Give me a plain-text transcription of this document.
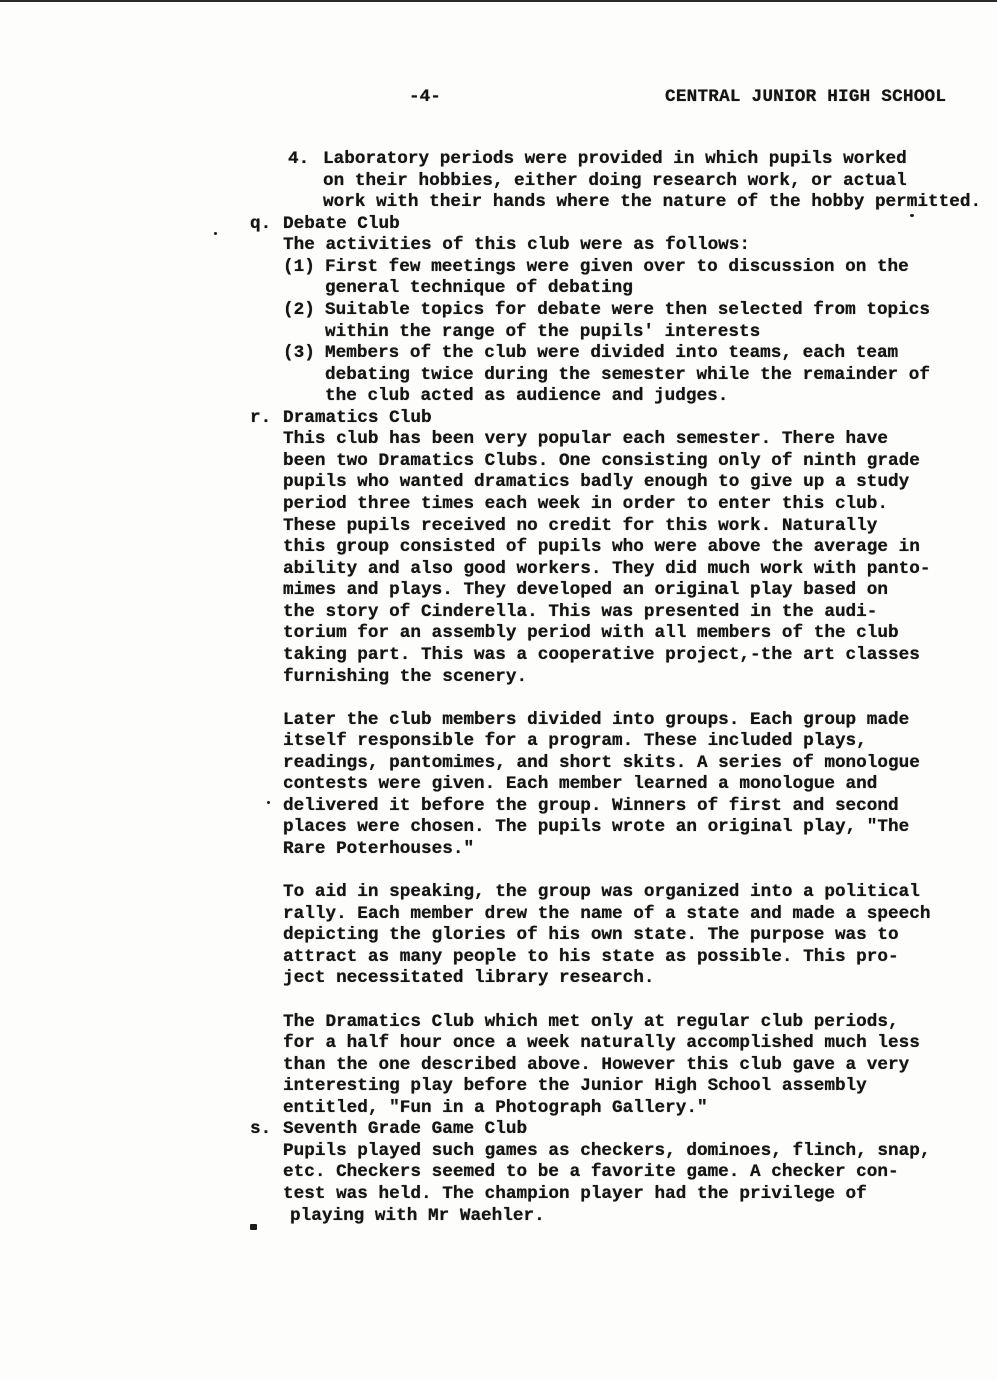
-4-	CENTRAL JUNIOR HIGH SCHOOL
4. Laboratory periods were provided in which pupils worked
on their hobbies, either doing research work, or actual
work with their hands where the nature of the hobby permitted.
q. Debate Club
The activities of this club were as follows:
(1) First few meetings were given over to discussion on the
general technique of debating
(2) Suitable topics for debate were then selected from topics
within the range of the pupils' interests
(3) Members of the club were divided into teams, each team
debating twice during the semester while the remainder of
the club acted as audience and judges.
r. Dramatics Club
This club has been very popular each semester. There have
been two Dramatics Clubs. One consisting only of ninth grade
pupils who wanted dramatics badly enough to give up a study
period three times each week in order to enter this club.
These pupils received no credit for this work. Naturally
this group consisted of pupils who were above the average in
ability and also good workers. They did much work with panto-
mimes and plays. They developed an original play based on
the story of Cinderella. This was presented in the audi-
torium for an assembly period with all members of the club
taking part. This was a cooperative project,-the art classes
furnishing the scenery.
Later the club members divided into groups. Each group made
itself responsible for a program. These included plays,
readings, pantomimes, and short skits. A series of monologue
contests were given. Each member learned a monologue and
delivered it before the group. Winners of first and second
places were chosen. The pupils wrote an original play, "The
Rare Poterhouses."
To aid in speaking, the group was organized into a political
rally. Each member drew the name of a state and made a speech
depicting the glories of his own state. The purpose was to
attract as many people to his state as possible. This pro-
ject necessitated library research.
The Dramatics Club which met only at regular club periods,
for a half hour once a week naturally accomplished much less
than the one described above. However this club gave a very
interesting play before the Junior High School assembly
entitled, "Fun in a Photograph Gallery."
s. Seventh Grade Game Club
Pupils played such games as checkers, dominoes, flinch, snap,
etc. Checkers seemed to be a favorite game. A checker con-
test was held. The champion player had the privilege of
playing with Mr Waehler.
